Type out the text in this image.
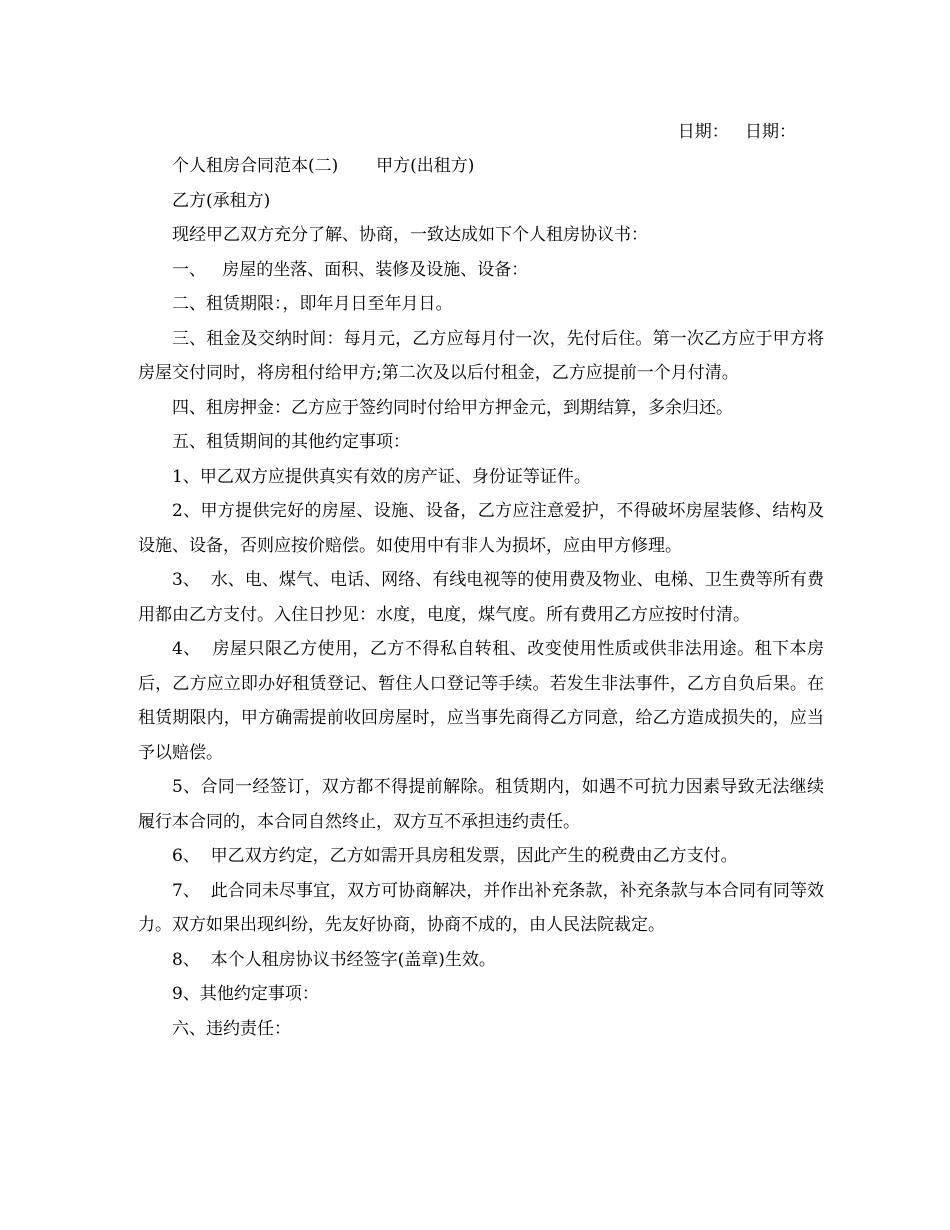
日期：   日期：

个人租房合同范本(二)       甲方(出租方)

乙方(承租方)

现经甲乙双方充分了解、协商，一致达成如下个人租房协议书：

一、   房屋的坐落、面积、装修及设施、设备：

二、租赁期限：，即年月日至年月日。

三、租金及交纳时间：每月元，乙方应每月付一次，先付后住。第一次乙方应于甲方将房屋交付同时，将房租付给甲方;第二次及以后付租金，乙方应提前一个月付清。

四、租房押金：乙方应于签约同时付给甲方押金元，到期结算，多余归还。

五、租赁期间的其他约定事项：

1、甲乙双方应提供真实有效的房产证、身份证等证件。

2、甲方提供完好的房屋、设施、设备，乙方应注意爱护，不得破坏房屋装修、结构及设施、设备，否则应按价赔偿。如使用中有非人为损坏，应由甲方修理。

3、  水、电、煤气、电话、网络、有线电视等的使用费及物业、电梯、卫生费等所有费用都由乙方支付。入住日抄见：水度，电度，煤气度。所有费用乙方应按时付清。

4、  房屋只限乙方使用，乙方不得私自转租、改变使用性质或供非法用途。租下本房后，乙方应立即办好租赁登记、暂住人口登记等手续。若发生非法事件，乙方自负后果。在租赁期限内，甲方确需提前收回房屋时，应当事先商得乙方同意，给乙方造成损失的，应当予以赔偿。

5、合同一经签订，双方都不得提前解除。租赁期内，如遇不可抗力因素导致无法继续履行本合同的，本合同自然终止，双方互不承担违约责任。

6、  甲乙双方约定，乙方如需开具房租发票，因此产生的税费由乙方支付。

7、  此合同未尽事宜，双方可协商解决，并作出补充条款，补充条款与本合同有同等效力。双方如果出现纠纷，先友好协商，协商不成的，由人民法院裁定。

8、  本个人租房协议书经签字(盖章)生效。

9、其他约定事项：

六、违约责任：
